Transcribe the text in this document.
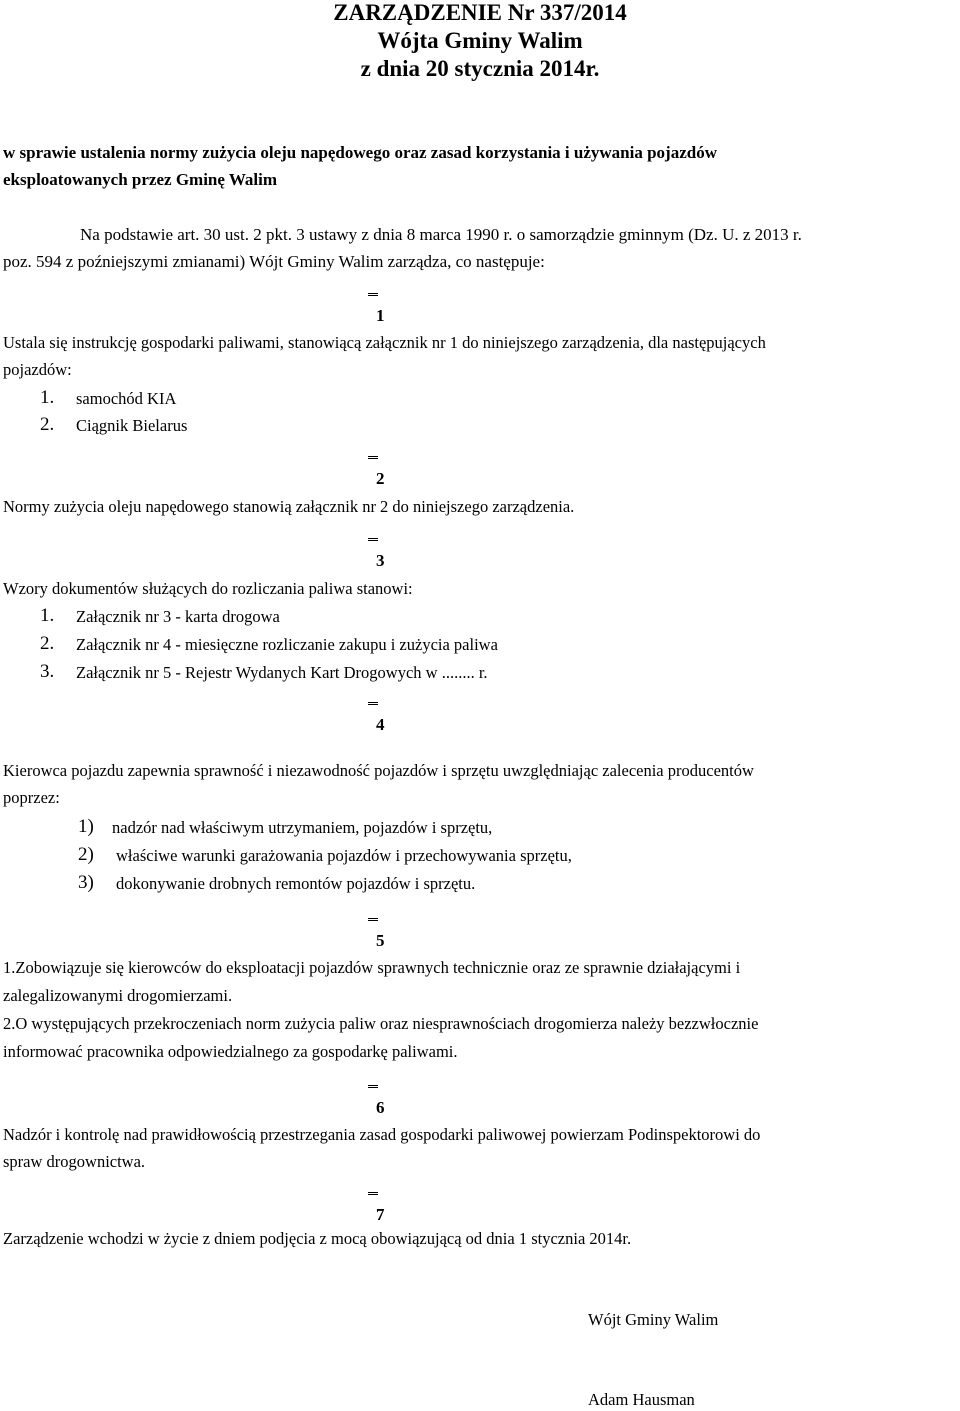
ZARZĄDZENIE Nr 337/2014
Wójta Gminy Walim
z dnia 20 stycznia 2014r.
w sprawie ustalenia normy zużycia oleju napędowego oraz zasad korzystania i używania pojazdów
eksploatowanych przez Gminę Walim
Na podstawie art. 30 ust. 2 pkt. 3 ustawy z dnia 8 marca 1990 r. o samorządzie gminnym (Dz. U. z 2013 r.
poz. 594 z poźniejszymi zmianami) Wójt Gminy Walim zarządza, co następuje:
1
Ustala się instrukcję gospodarki paliwami, stanowiącą załącznik nr 1 do niniejszego zarządzenia, dla następujących
pojazdów:
1. samochód KIA
2. Ciągnik Bielarus
2
Normy zużycia oleju napędowego stanowią załącznik nr 2 do niniejszego zarządzenia.
3
Wzory dokumentów służących do rozliczania paliwa stanowi:
1. Załącznik nr 3 - karta drogowa
2. Załącznik nr 4 - miesięczne rozliczanie zakupu i zużycia paliwa
3. Załącznik nr 5 - Rejestr Wydanych Kart Drogowych w ........ r.
4
Kierowca pojazdu zapewnia sprawność i niezawodność pojazdów i sprzętu uwzględniając zalecenia producentów
poprzez:
1) nadzór nad właściwym utrzymaniem, pojazdów i sprzętu,
2) właściwe warunki garażowania pojazdów i przechowywania sprzętu,
3) dokonywanie drobnych remontów pojazdów i sprzętu.
5
1.Zobowiązuje się kierowców do eksploatacji pojazdów sprawnych technicznie oraz ze sprawnie działającymi i
zalegalizowanymi drogomierzami.
2.O występujących przekroczeniach norm zużycia paliw oraz niesprawnościach drogomierza należy bezzwłocznie
informować pracownika odpowiedzialnego za gospodarkę paliwami.
6
Nadzór i kontrolę nad prawidłowością przestrzegania zasad gospodarki paliwowej powierzam Podinspektorowi do
spraw drogownictwa.
7
Zarządzenie wchodzi w życie z dniem podjęcia z mocą obowiązującą od dnia 1 stycznia 2014r.
Wójt Gminy Walim
Adam Hausman
